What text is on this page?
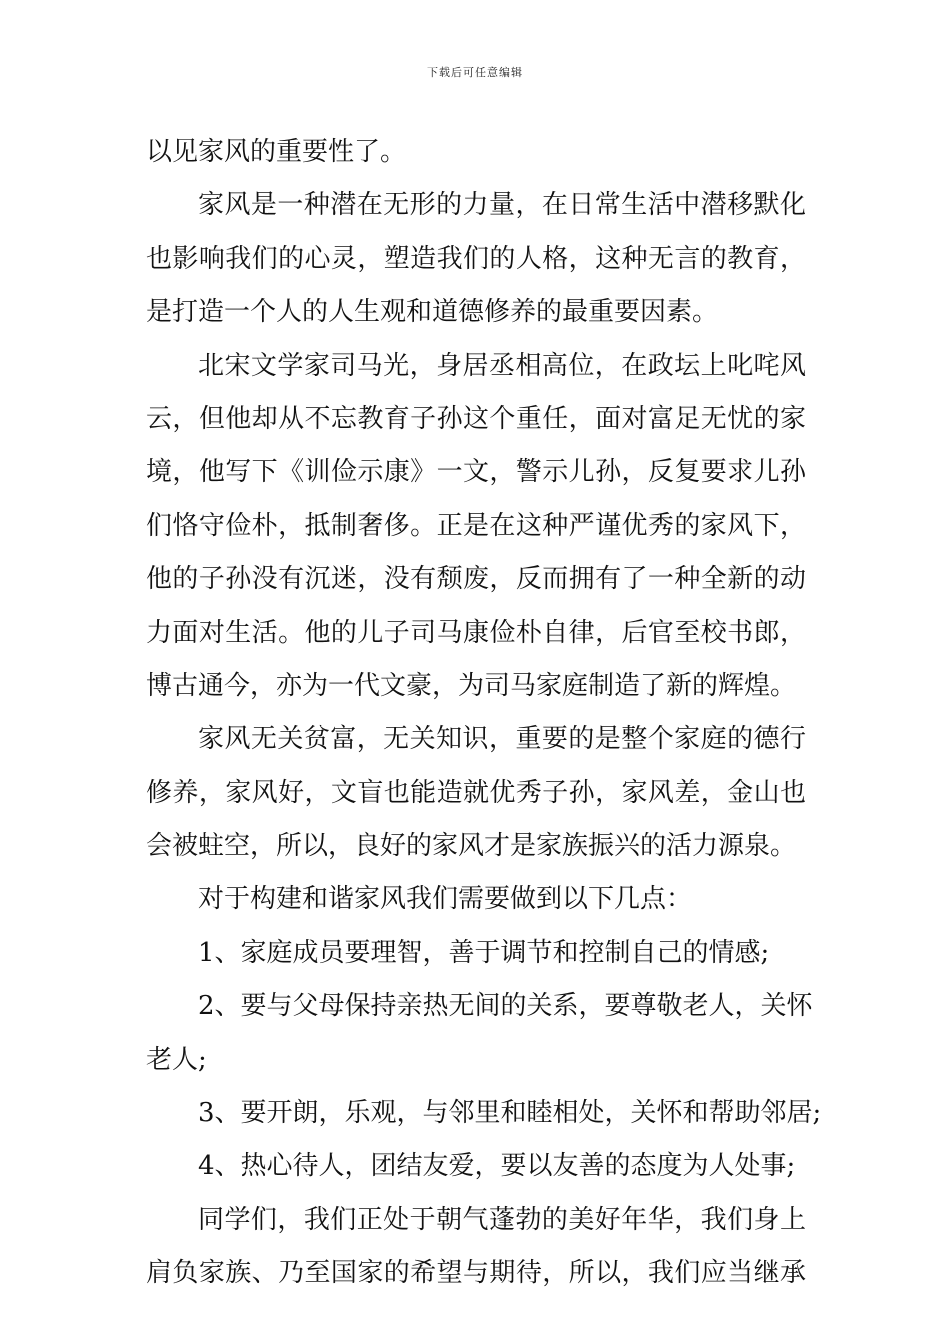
下载后可任意编辑
以见家风的重要性了。
家风是一种潜在无形的力量，在日常生活中潜移默化
也影响我们的心灵，塑造我们的人格，这种无言的教育，
是打造一个人的人生观和道德修养的最重要因素。
北宋文学家司马光，身居丞相高位，在政坛上叱咤风
云，但他却从不忘教育子孙这个重任，面对富足无忧的家
境，他写下《训俭示康》一文，警示儿孙，反复要求儿孙
们恪守俭朴，抵制奢侈。正是在这种严谨优秀的家风下，
他的子孙没有沉迷，没有颓废，反而拥有了一种全新的动
力面对生活。他的儿子司马康俭朴自律，后官至校书郎，
博古通今，亦为一代文豪，为司马家庭制造了新的辉煌。
家风无关贫富，无关知识，重要的是整个家庭的德行
修养，家风好，文盲也能造就优秀子孙，家风差，金山也
会被蛀空，所以，良好的家风才是家族振兴的活力源泉。
对于构建和谐家风我们需要做到以下几点：
1、家庭成员要理智，善于调节和控制自己的情感;
2、要与父母保持亲热无间的关系，要尊敬老人，关怀
老人;
3、要开朗，乐观，与邻里和睦相处，关怀和帮助邻居;
4、热心待人，团结友爱，要以友善的态度为人处事;
同学们，我们正处于朝气蓬勃的美好年华，我们身上
肩负家族、乃至国家的希望与期待，所以，我们应当继承
